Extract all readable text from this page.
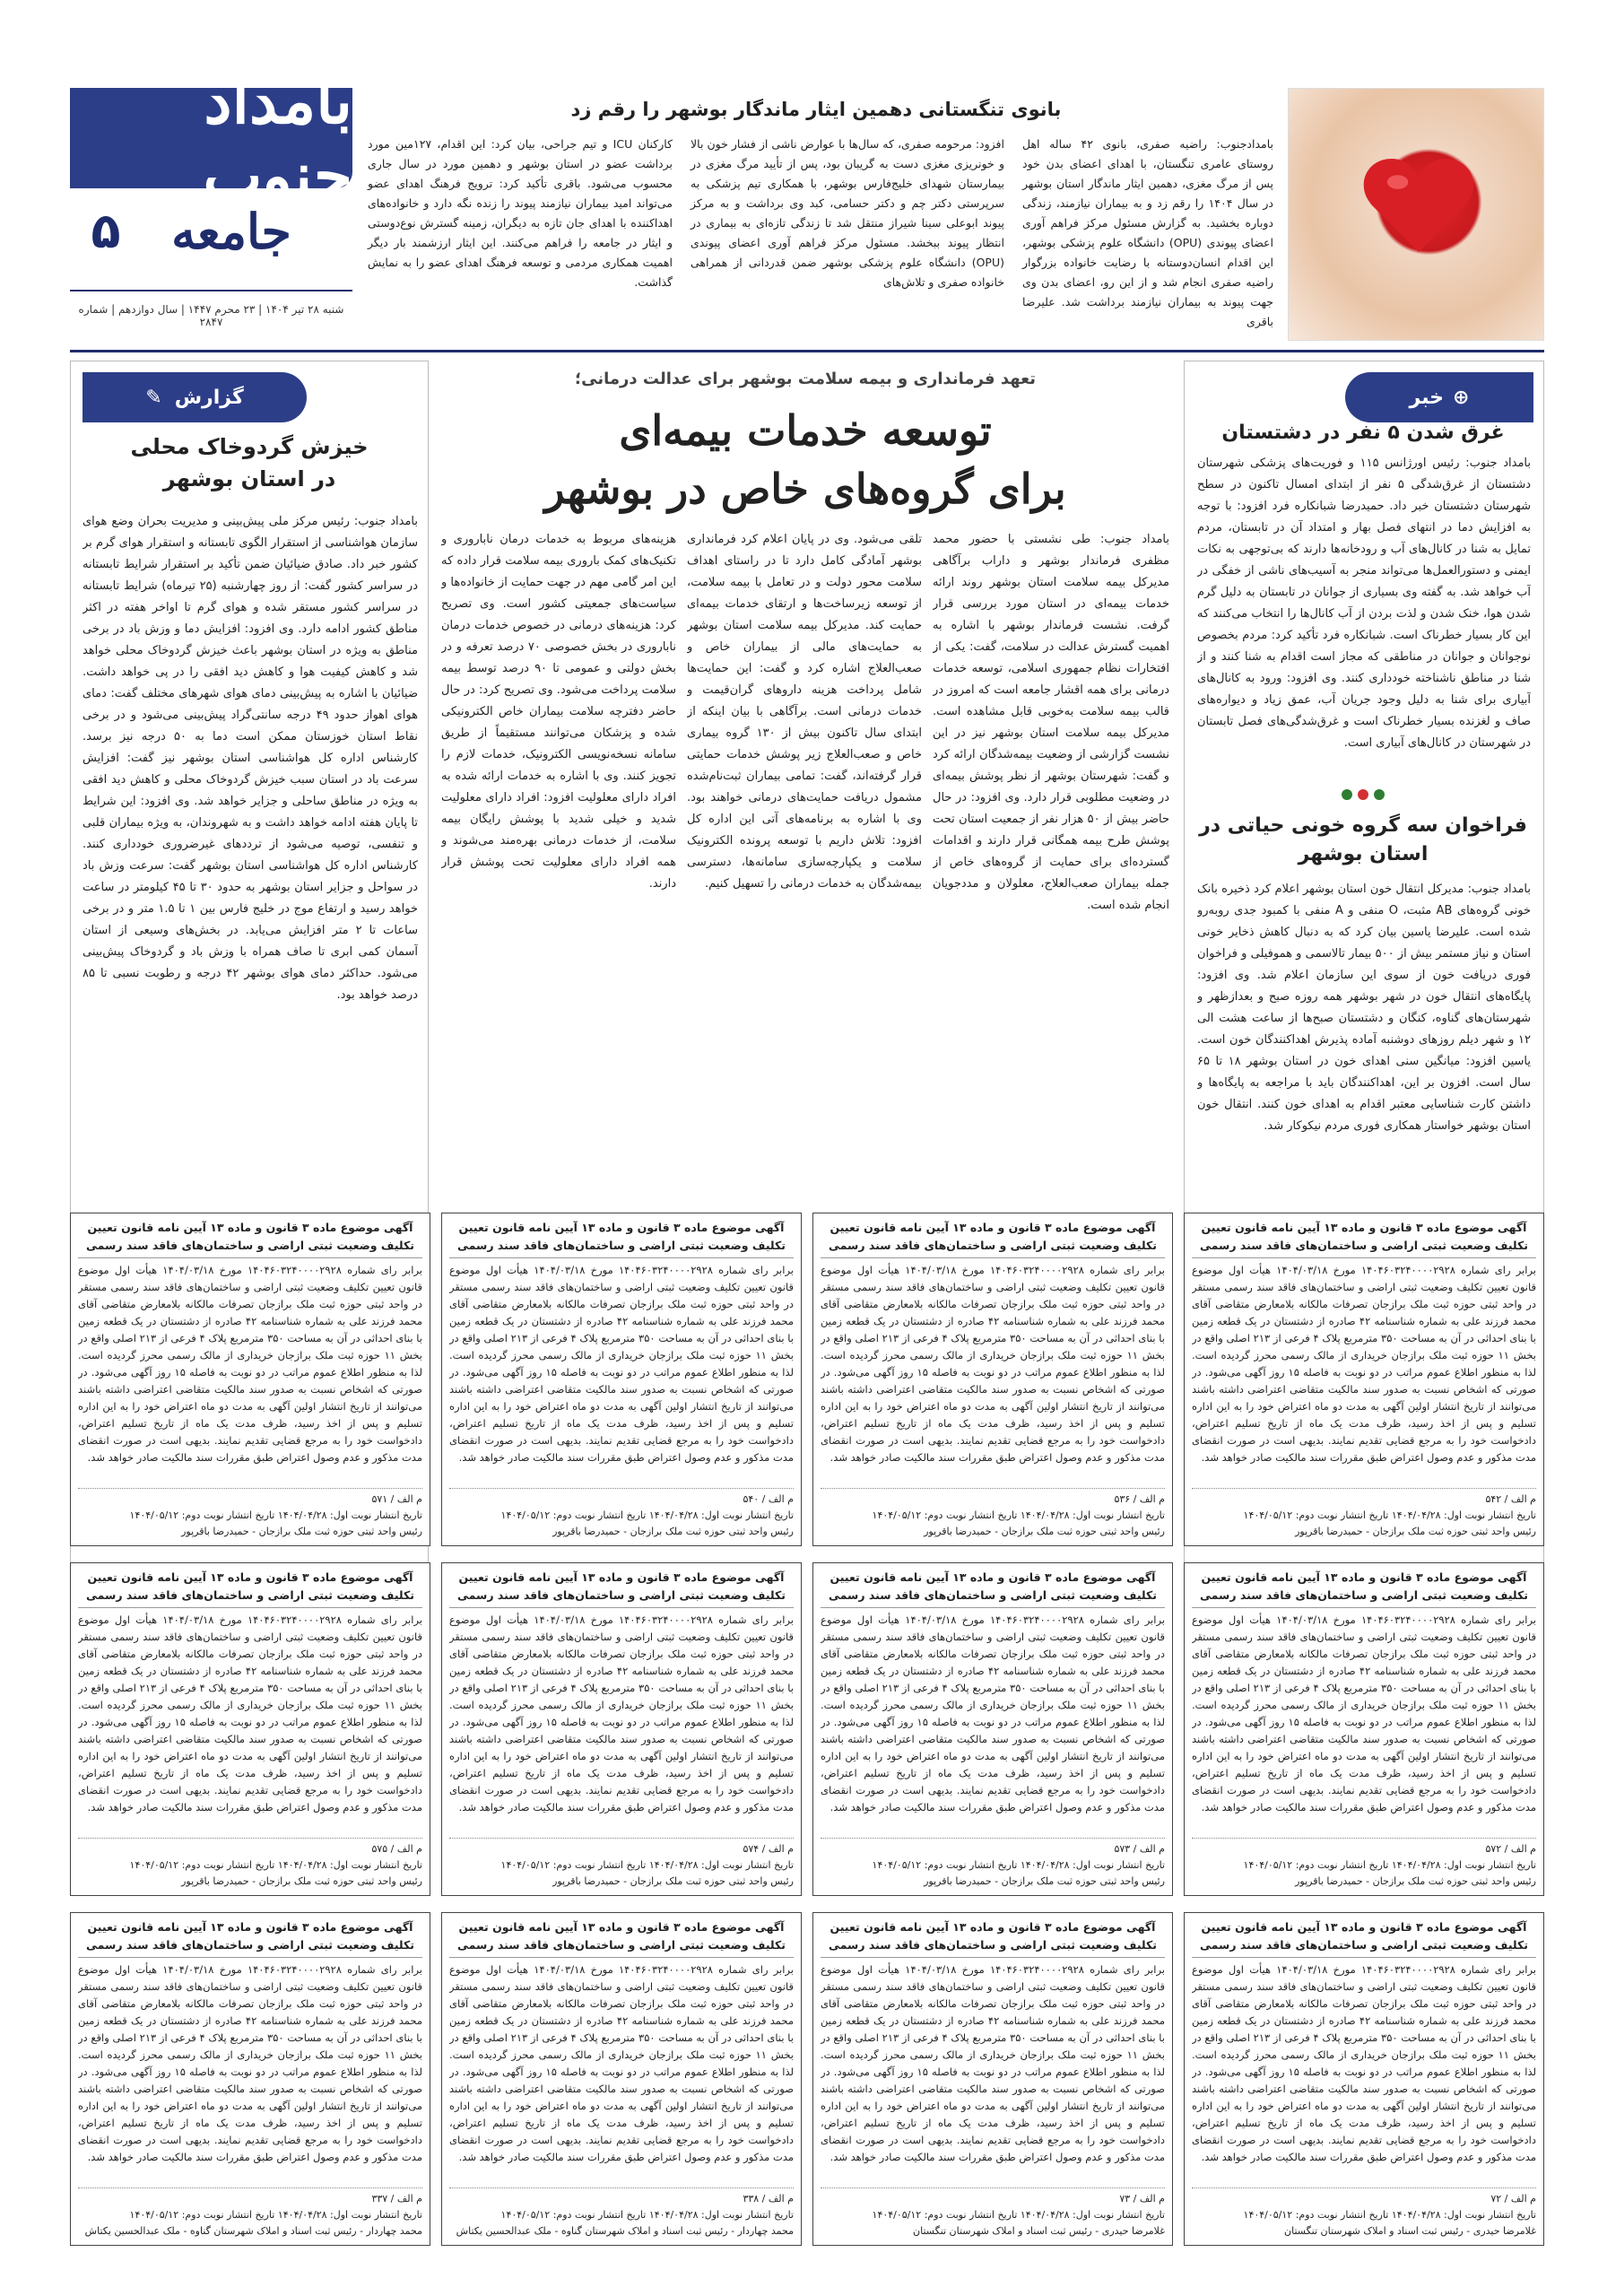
بامداد جنوب
جامعه
۵
شنبه ۲۸ تیر ۱۴۰۴ | ۲۳ محرم ۱۴۴۷ | سال دوازدهم | شماره ۲۸۴۷
بانوی تنگستانی دهمین ایثار ماندگار بوشهر را رقم زد

بامدادجنوب: راضیه صفری، بانوی ۴۲ ساله اهل روستای عامری تنگستان، با اهدای اعضای بدن خود پس از مرگ مغزی، دهمین ایثار ماندگار استان بوشهر در سال ۱۴۰۴ را رقم زد و به بیماران نیازمند، زندگی دوباره بخشید. به گزارش مسئول مرکز فراهم آوری اعضای پیوندی (OPU) دانشگاه علوم پزشکی بوشهر، این اقدام انسان‌دوستانه با رضایت خانواده بزرگوار راضیه صفری انجام شد و از این رو، اعضای بدن وی جهت پیوند به بیماران نیازمند برداشت شد. علیرضا باقری

افزود: مرحومه صفری، که سال‌ها با عوارض ناشی از فشار خون بالا و خونریزی مغزی دست به گریبان بود، پس از تأیید مرگ مغزی در بیمارستان شهدای خلیج‌فارس بوشهر، با همکاری تیم پزشکی به سرپرستی دکتر چم و دکتر حسامی، کبد وی برداشت و به مرکز پیوند ابوعلی سینا شیراز منتقل شد تا زندگی تازه‌ای به بیماری در انتظار پیوند ببخشد. مسئول مرکز فراهم آوری اعضای پیوندی (OPU) دانشگاه علوم پزشکی بوشهر ضمن قدردانی از همراهی خانواده صفری و تلاش‌های

کارکنان ICU و تیم جراحی، بیان کرد: این اقدام، ۱۲۷مین مورد برداشت عضو در استان بوشهر و دهمین مورد در سال جاری محسوب می‌شود. باقری تأکید کرد: ترویج فرهنگ اهدای عضو می‌تواند امید بیماران نیازمند پیوند را زنده نگه دارد و خانواده‌های اهداکننده با اهدای جان تازه به دیگران، زمینه گسترش نوع‌دوستی و ایثار در جامعه را فراهم می‌کنند. این ایثار ارزشمند بار دیگر اهمیت همکاری مردمی و توسعه فرهنگ اهدای عضو را به نمایش گذاشت.

⊕
خبر
غرق شدن ۵ نفر در دشتستان

بامداد جنوب: رئیس اورژانس ۱۱۵ و فوریت‌های پزشکی شهرستان دشتستان از غرق‌شدگی ۵ نفر از ابتدای امسال تاکنون در سطح شهرستان دشتستان خبر داد. حمیدرضا شبانکاره فرد افزود: با توجه به افزایش دما در انتهای فصل بهار و امتداد آن در تابستان، مردم تمایل به شنا در کانال‌های آب و رودخانه‌ها دارند که بی‌توجهی به نکات ایمنی و دستورالعمل‌ها می‌تواند منجر به آسیب‌های ناشی از خفگی در آب خواهد شد. به گفته وی بسیاری از جوانان در تابستان به دلیل گرم شدن هوا، خنک شدن و لذت بردن از آب کانال‌ها را انتخاب می‌کنند که این کار بسیار خطرناک است. شبانکاره فرد تأکید کرد: مردم بخصوص نوجوانان و جوانان در مناطقی که مجاز است اقدام به شنا کنند و از شنا در مناطق ناشناخته خودداری کنند. وی افزود: ورود به کانال‌های آبیاری برای شنا به دلیل وجود جریان آب، عمق زیاد و دیواره‌های صاف و لغزنده بسیار خطرناک است و غرق‌شدگی‌های فصل تابستان در شهرستان در کانال‌های آبیاری است.

فراخوان سه گروه خونی حیاتی در استان بوشهر

بامداد جنوب: مدیرکل انتقال خون استان بوشهر اعلام کرد ذخیره بانک خونی گروه‌های AB مثبت، O منفی و A منفی با کمبود جدی روبه‌رو شده است. علیرضا یاسین بیان کرد که به دنبال کاهش ذخایر خونی استان و نیاز مستمر بیش از ۵۰۰ بیمار تالاسمی و هموفیلی و فراخوان فوری دریافت خون از سوی این سازمان اعلام شد. وی افزود: پایگاه‌های انتقال خون در شهر بوشهر همه روزه صبح و بعدازظهر و شهرستان‌های گناوه، کنگان و دشتستان صبح‌ها از ساعت هشت الی ۱۲ و شهر دیلم روزهای دوشنبه آماده پذیرش اهداکنندگان خون است. یاسین افزود: میانگین سنی اهدای خون در استان بوشهر ۱۸ تا ۶۵ سال است. افزون بر این، اهداکنندگان باید با مراجعه به پایگاه‌ها و داشتن کارت شناسایی معتبر اقدام به اهدای خون کنند. انتقال خون استان بوشهر خواستار همکاری فوری مردم نیکوکار شد.

گزارش
✎
خیزش گردوخاک محلی
در استان بوشهر

بامداد جنوب: رئیس مرکز ملی پیش‌بینی و مدیریت بحران وضع هوای سازمان هواشناسی از استقرار الگوی تابستانه و استقرار هوای گرم بر کشور خبر داد. صادق ضیائیان ضمن تأکید بر استقرار شرایط تابستانه در سراسر کشور گفت: از روز چهارشنبه (۲۵ تیرماه) شرایط تابستانه در سراسر کشور مستقر شده و هوای گرم تا اواخر هفته در اکثر مناطق کشور ادامه دارد. وی افزود: افزایش دما و وزش باد در برخی مناطق به ویژه در استان بوشهر باعث خیزش گردوخاک محلی خواهد شد و کاهش کیفیت هوا و کاهش دید افقی را در پی خواهد داشت. ضیائیان با اشاره به پیش‌بینی دمای هوای شهرهای مختلف گفت: دمای هوای اهواز حدود ۴۹ درجه سانتی‌گراد پیش‌بینی می‌شود و در برخی نقاط استان خوزستان ممکن است دما به ۵۰ درجه نیز برسد. کارشناس اداره کل هواشناسی استان بوشهر نیز گفت: افزایش سرعت باد در استان سبب خیزش گردوخاک محلی و کاهش دید افقی به ویژه در مناطق ساحلی و جزایر خواهد شد. وی افزود: این شرایط تا پایان هفته ادامه خواهد داشت و به شهروندان، به ویژه بیماران قلبی و تنفسی، توصیه می‌شود از ترددهای غیرضروری خودداری کنند. کارشناس اداره کل هواشناسی استان بوشهر گفت: سرعت وزش باد در سواحل و جزایر استان بوشهر به حدود ۳۰ تا ۴۵ کیلومتر در ساعت خواهد رسید و ارتفاع موج در خلیج فارس بین ۱ تا ۱.۵ متر و در برخی ساعات تا ۲ متر افزایش می‌یابد. در بخش‌های وسیعی از استان آسمان کمی ابری تا صاف همراه با وزش باد و گردوخاک پیش‌بینی می‌شود. حداکثر دمای هوای بوشهر ۴۲ درجه و رطوبت نسبی تا ۸۵ درصد خواهد بود.

تعهد فرمانداری و بیمه سلامت بوشهر برای عدالت درمانی؛
توسعه خدمات بیمه‌ای
برای گروه‌های خاص در بوشهر

بامداد جنوب: طی نشستی با حضور محمد مظفری فرماندار بوشهر و داراب برآگاهی مدیرکل بیمه سلامت استان بوشهر روند ارائه خدمات بیمه‌ای در استان مورد بررسی قرار گرفت. نشست فرماندار بوشهر با اشاره به اهمیت گسترش عدالت در سلامت، گفت: یکی از افتخارات نظام جمهوری اسلامی، توسعه خدمات درمانی برای همه اقشار جامعه است که امروز در قالب بیمه سلامت به‌خوبی قابل مشاهده است. مدیرکل بیمه سلامت استان بوشهر نیز در این نشست گزارشی از وضعیت بیمه‌شدگان ارائه کرد و گفت: شهرستان بوشهر از نظر پوشش بیمه‌ای در وضعیت مطلوبی قرار دارد. وی افزود: در حال حاضر بیش از ۵۰ هزار نفر از جمعیت استان تحت پوشش طرح بیمه همگانی قرار دارند و اقدامات گسترده‌ای برای حمایت از گروه‌های خاص از جمله بیماران صعب‌العلاج، معلولان و مددجویان انجام شده است.

تلقی می‌شود. وی در پایان اعلام کرد فرمانداری بوشهر آمادگی کامل دارد تا در راستای اهداف سلامت محور دولت و در تعامل با بیمه سلامت، از توسعه زیرساخت‌ها و ارتقای خدمات بیمه‌ای حمایت کند. مدیرکل بیمه سلامت استان بوشهر به حمایت‌های مالی از بیماران خاص و صعب‌العلاج اشاره کرد و گفت: این حمایت‌ها شامل پرداخت هزینه داروهای گران‌قیمت و خدمات درمانی است. برآگاهی با بیان اینکه از ابتدای سال تاکنون بیش از ۱۳۰ گروه بیماری خاص و صعب‌العلاج زیر پوشش خدمات حمایتی قرار گرفته‌اند، گفت: تمامی بیماران ثبت‌نام‌شده مشمول دریافت حمایت‌های درمانی خواهند بود. وی با اشاره به برنامه‌های آتی این اداره کل افزود: تلاش داریم با توسعه پرونده الکترونیک سلامت و یکپارچه‌سازی سامانه‌ها، دسترسی بیمه‌شدگان به خدمات درمانی را تسهیل کنیم.

هزینه‌های مربوط به خدمات درمان ناباروری و تکنیک‌های کمک باروری بیمه سلامت قرار داده که این امر گامی مهم در جهت حمایت از خانواده‌ها و سیاست‌های جمعیتی کشور است. وی تصریح کرد: هزینه‌های درمانی در خصوص خدمات درمان ناباروری در بخش خصوصی ۷۰ درصد تعرفه و در بخش دولتی و عمومی تا ۹۰ درصد توسط بیمه سلامت پرداخت می‌شود. وی تصریح کرد: در حال حاضر دفترچه سلامت بیماران خاص الکترونیکی شده و پزشکان می‌توانند مستقیماً از طریق سامانه نسخه‌نویسی الکترونیک، خدمات لازم را تجویز کنند. وی با اشاره به خدمات ارائه شده به افراد دارای معلولیت افزود: افراد دارای معلولیت شدید و خیلی شدید با پوشش رایگان بیمه سلامت، از خدمات درمانی بهره‌مند می‌شوند و همه افراد دارای معلولیت تحت پوشش قرار دارند.

آگهی موضوع ماده ۳ قانون و ماده ۱۳ آیین نامه قانون تعیین تکلیف وضعیت ثبتی اراضی و ساختمان‌های فاقد سند رسمی
برابر رای شماره ۱۴۰۴۶۰۳۲۴۰۰۰۰۲۹۲۸ مورخ ۱۴۰۴/۰۳/۱۸ هیأت اول موضوع قانون تعیین تکلیف وضعیت ثبتی اراضی و ساختمان‌های فاقد سند رسمی مستقر در واحد ثبتی حوزه ثبت ملک برازجان تصرفات مالکانه بلامعارض متقاضی آقای محمد فرزند علی به شماره شناسنامه ۴۲ صادره از دشتستان در یک قطعه زمین با بنای احداثی در آن به مساحت ۳۵۰ مترمربع پلاک ۴ فرعی از ۲۱۳ اصلی واقع در بخش ۱۱ حوزه ثبت ملک برازجان خریداری از مالک رسمی محرز گردیده است. لذا به منظور اطلاع عموم مراتب در دو نوبت به فاصله ۱۵ روز آگهی می‌شود. در صورتی که اشخاص نسبت به صدور سند مالکیت متقاضی اعتراضی داشته باشند می‌توانند از تاریخ انتشار اولین آگهی به مدت دو ماه اعتراض خود را به این اداره تسلیم و پس از اخذ رسید، ظرف مدت یک ماه از تاریخ تسلیم اعتراض، دادخواست خود را به مرجع قضایی تقدیم نمایند. بدیهی است در صورت انقضای مدت مذکور و عدم وصول اعتراض طبق مقررات سند مالکیت صادر خواهد شد.
م الف / ۵۴۲
تاریخ انتشار نوبت اول: ۱۴۰۴/۰۴/۲۸ تاریخ انتشار نوبت دوم: ۱۴۰۴/۰۵/۱۲
رئیس واحد ثبتی حوزه ثبت ملک برازجان - حمیدرضا باقرپور
آگهی موضوع ماده ۳ قانون و ماده ۱۳ آیین نامه قانون تعیین تکلیف وضعیت ثبتی اراضی و ساختمان‌های فاقد سند رسمی
برابر رای شماره ۱۴۰۴۶۰۳۲۴۰۰۰۰۲۹۲۸ مورخ ۱۴۰۴/۰۳/۱۸ هیأت اول موضوع قانون تعیین تکلیف وضعیت ثبتی اراضی و ساختمان‌های فاقد سند رسمی مستقر در واحد ثبتی حوزه ثبت ملک برازجان تصرفات مالکانه بلامعارض متقاضی آقای محمد فرزند علی به شماره شناسنامه ۴۲ صادره از دشتستان در یک قطعه زمین با بنای احداثی در آن به مساحت ۳۵۰ مترمربع پلاک ۴ فرعی از ۲۱۳ اصلی واقع در بخش ۱۱ حوزه ثبت ملک برازجان خریداری از مالک رسمی محرز گردیده است. لذا به منظور اطلاع عموم مراتب در دو نوبت به فاصله ۱۵ روز آگهی می‌شود. در صورتی که اشخاص نسبت به صدور سند مالکیت متقاضی اعتراضی داشته باشند می‌توانند از تاریخ انتشار اولین آگهی به مدت دو ماه اعتراض خود را به این اداره تسلیم و پس از اخذ رسید، ظرف مدت یک ماه از تاریخ تسلیم اعتراض، دادخواست خود را به مرجع قضایی تقدیم نمایند. بدیهی است در صورت انقضای مدت مذکور و عدم وصول اعتراض طبق مقررات سند مالکیت صادر خواهد شد.
م الف / ۵۳۶
تاریخ انتشار نوبت اول: ۱۴۰۴/۰۴/۲۸ تاریخ انتشار نوبت دوم: ۱۴۰۴/۰۵/۱۲
رئیس واحد ثبتی حوزه ثبت ملک برازجان - حمیدرضا باقرپور
آگهی موضوع ماده ۳ قانون و ماده ۱۳ آیین نامه قانون تعیین تکلیف وضعیت ثبتی اراضی و ساختمان‌های فاقد سند رسمی
برابر رای شماره ۱۴۰۴۶۰۳۲۴۰۰۰۰۲۹۲۸ مورخ ۱۴۰۴/۰۳/۱۸ هیأت اول موضوع قانون تعیین تکلیف وضعیت ثبتی اراضی و ساختمان‌های فاقد سند رسمی مستقر در واحد ثبتی حوزه ثبت ملک برازجان تصرفات مالکانه بلامعارض متقاضی آقای محمد فرزند علی به شماره شناسنامه ۴۲ صادره از دشتستان در یک قطعه زمین با بنای احداثی در آن به مساحت ۳۵۰ مترمربع پلاک ۴ فرعی از ۲۱۳ اصلی واقع در بخش ۱۱ حوزه ثبت ملک برازجان خریداری از مالک رسمی محرز گردیده است. لذا به منظور اطلاع عموم مراتب در دو نوبت به فاصله ۱۵ روز آگهی می‌شود. در صورتی که اشخاص نسبت به صدور سند مالکیت متقاضی اعتراضی داشته باشند می‌توانند از تاریخ انتشار اولین آگهی به مدت دو ماه اعتراض خود را به این اداره تسلیم و پس از اخذ رسید، ظرف مدت یک ماه از تاریخ تسلیم اعتراض، دادخواست خود را به مرجع قضایی تقدیم نمایند. بدیهی است در صورت انقضای مدت مذکور و عدم وصول اعتراض طبق مقررات سند مالکیت صادر خواهد شد.
م الف / ۵۴۰
تاریخ انتشار نوبت اول: ۱۴۰۴/۰۴/۲۸ تاریخ انتشار نوبت دوم: ۱۴۰۴/۰۵/۱۲
رئیس واحد ثبتی حوزه ثبت ملک برازجان - حمیدرضا باقرپور
آگهی موضوع ماده ۳ قانون و ماده ۱۳ آیین نامه قانون تعیین تکلیف وضعیت ثبتی اراضی و ساختمان‌های فاقد سند رسمی
برابر رای شماره ۱۴۰۴۶۰۳۲۴۰۰۰۰۲۹۲۸ مورخ ۱۴۰۴/۰۳/۱۸ هیأت اول موضوع قانون تعیین تکلیف وضعیت ثبتی اراضی و ساختمان‌های فاقد سند رسمی مستقر در واحد ثبتی حوزه ثبت ملک برازجان تصرفات مالکانه بلامعارض متقاضی آقای محمد فرزند علی به شماره شناسنامه ۴۲ صادره از دشتستان در یک قطعه زمین با بنای احداثی در آن به مساحت ۳۵۰ مترمربع پلاک ۴ فرعی از ۲۱۳ اصلی واقع در بخش ۱۱ حوزه ثبت ملک برازجان خریداری از مالک رسمی محرز گردیده است. لذا به منظور اطلاع عموم مراتب در دو نوبت به فاصله ۱۵ روز آگهی می‌شود. در صورتی که اشخاص نسبت به صدور سند مالکیت متقاضی اعتراضی داشته باشند می‌توانند از تاریخ انتشار اولین آگهی به مدت دو ماه اعتراض خود را به این اداره تسلیم و پس از اخذ رسید، ظرف مدت یک ماه از تاریخ تسلیم اعتراض، دادخواست خود را به مرجع قضایی تقدیم نمایند. بدیهی است در صورت انقضای مدت مذکور و عدم وصول اعتراض طبق مقررات سند مالکیت صادر خواهد شد.
م الف / ۵۷۱
تاریخ انتشار نوبت اول: ۱۴۰۴/۰۴/۲۸ تاریخ انتشار نوبت دوم: ۱۴۰۴/۰۵/۱۲
رئیس واحد ثبتی حوزه ثبت ملک برازجان - حمیدرضا باقرپور
آگهی موضوع ماده ۳ قانون و ماده ۱۳ آیین نامه قانون تعیین تکلیف وضعیت ثبتی اراضی و ساختمان‌های فاقد سند رسمی
برابر رای شماره ۱۴۰۴۶۰۳۲۴۰۰۰۰۲۹۲۸ مورخ ۱۴۰۴/۰۳/۱۸ هیأت اول موضوع قانون تعیین تکلیف وضعیت ثبتی اراضی و ساختمان‌های فاقد سند رسمی مستقر در واحد ثبتی حوزه ثبت ملک برازجان تصرفات مالکانه بلامعارض متقاضی آقای محمد فرزند علی به شماره شناسنامه ۴۲ صادره از دشتستان در یک قطعه زمین با بنای احداثی در آن به مساحت ۳۵۰ مترمربع پلاک ۴ فرعی از ۲۱۳ اصلی واقع در بخش ۱۱ حوزه ثبت ملک برازجان خریداری از مالک رسمی محرز گردیده است. لذا به منظور اطلاع عموم مراتب در دو نوبت به فاصله ۱۵ روز آگهی می‌شود. در صورتی که اشخاص نسبت به صدور سند مالکیت متقاضی اعتراضی داشته باشند می‌توانند از تاریخ انتشار اولین آگهی به مدت دو ماه اعتراض خود را به این اداره تسلیم و پس از اخذ رسید، ظرف مدت یک ماه از تاریخ تسلیم اعتراض، دادخواست خود را به مرجع قضایی تقدیم نمایند. بدیهی است در صورت انقضای مدت مذکور و عدم وصول اعتراض طبق مقررات سند مالکیت صادر خواهد شد.
م الف / ۵۷۲
تاریخ انتشار نوبت اول: ۱۴۰۴/۰۴/۲۸ تاریخ انتشار نوبت دوم: ۱۴۰۴/۰۵/۱۲
رئیس واحد ثبتی حوزه ثبت ملک برازجان - حمیدرضا باقرپور
آگهی موضوع ماده ۳ قانون و ماده ۱۳ آیین نامه قانون تعیین تکلیف وضعیت ثبتی اراضی و ساختمان‌های فاقد سند رسمی
برابر رای شماره ۱۴۰۴۶۰۳۲۴۰۰۰۰۲۹۲۸ مورخ ۱۴۰۴/۰۳/۱۸ هیأت اول موضوع قانون تعیین تکلیف وضعیت ثبتی اراضی و ساختمان‌های فاقد سند رسمی مستقر در واحد ثبتی حوزه ثبت ملک برازجان تصرفات مالکانه بلامعارض متقاضی آقای محمد فرزند علی به شماره شناسنامه ۴۲ صادره از دشتستان در یک قطعه زمین با بنای احداثی در آن به مساحت ۳۵۰ مترمربع پلاک ۴ فرعی از ۲۱۳ اصلی واقع در بخش ۱۱ حوزه ثبت ملک برازجان خریداری از مالک رسمی محرز گردیده است. لذا به منظور اطلاع عموم مراتب در دو نوبت به فاصله ۱۵ روز آگهی می‌شود. در صورتی که اشخاص نسبت به صدور سند مالکیت متقاضی اعتراضی داشته باشند می‌توانند از تاریخ انتشار اولین آگهی به مدت دو ماه اعتراض خود را به این اداره تسلیم و پس از اخذ رسید، ظرف مدت یک ماه از تاریخ تسلیم اعتراض، دادخواست خود را به مرجع قضایی تقدیم نمایند. بدیهی است در صورت انقضای مدت مذکور و عدم وصول اعتراض طبق مقررات سند مالکیت صادر خواهد شد.
م الف / ۵۷۳
تاریخ انتشار نوبت اول: ۱۴۰۴/۰۴/۲۸ تاریخ انتشار نوبت دوم: ۱۴۰۴/۰۵/۱۲
رئیس واحد ثبتی حوزه ثبت ملک برازجان - حمیدرضا باقرپور
آگهی موضوع ماده ۳ قانون و ماده ۱۳ آیین نامه قانون تعیین تکلیف وضعیت ثبتی اراضی و ساختمان‌های فاقد سند رسمی
برابر رای شماره ۱۴۰۴۶۰۳۲۴۰۰۰۰۲۹۲۸ مورخ ۱۴۰۴/۰۳/۱۸ هیأت اول موضوع قانون تعیین تکلیف وضعیت ثبتی اراضی و ساختمان‌های فاقد سند رسمی مستقر در واحد ثبتی حوزه ثبت ملک برازجان تصرفات مالکانه بلامعارض متقاضی آقای محمد فرزند علی به شماره شناسنامه ۴۲ صادره از دشتستان در یک قطعه زمین با بنای احداثی در آن به مساحت ۳۵۰ مترمربع پلاک ۴ فرعی از ۲۱۳ اصلی واقع در بخش ۱۱ حوزه ثبت ملک برازجان خریداری از مالک رسمی محرز گردیده است. لذا به منظور اطلاع عموم مراتب در دو نوبت به فاصله ۱۵ روز آگهی می‌شود. در صورتی که اشخاص نسبت به صدور سند مالکیت متقاضی اعتراضی داشته باشند می‌توانند از تاریخ انتشار اولین آگهی به مدت دو ماه اعتراض خود را به این اداره تسلیم و پس از اخذ رسید، ظرف مدت یک ماه از تاریخ تسلیم اعتراض، دادخواست خود را به مرجع قضایی تقدیم نمایند. بدیهی است در صورت انقضای مدت مذکور و عدم وصول اعتراض طبق مقررات سند مالکیت صادر خواهد شد.
م الف / ۵۷۴
تاریخ انتشار نوبت اول: ۱۴۰۴/۰۴/۲۸ تاریخ انتشار نوبت دوم: ۱۴۰۴/۰۵/۱۲
رئیس واحد ثبتی حوزه ثبت ملک برازجان - حمیدرضا باقرپور
آگهی موضوع ماده ۳ قانون و ماده ۱۳ آیین نامه قانون تعیین تکلیف وضعیت ثبتی اراضی و ساختمان‌های فاقد سند رسمی
برابر رای شماره ۱۴۰۴۶۰۳۲۴۰۰۰۰۲۹۲۸ مورخ ۱۴۰۴/۰۳/۱۸ هیأت اول موضوع قانون تعیین تکلیف وضعیت ثبتی اراضی و ساختمان‌های فاقد سند رسمی مستقر در واحد ثبتی حوزه ثبت ملک برازجان تصرفات مالکانه بلامعارض متقاضی آقای محمد فرزند علی به شماره شناسنامه ۴۲ صادره از دشتستان در یک قطعه زمین با بنای احداثی در آن به مساحت ۳۵۰ مترمربع پلاک ۴ فرعی از ۲۱۳ اصلی واقع در بخش ۱۱ حوزه ثبت ملک برازجان خریداری از مالک رسمی محرز گردیده است. لذا به منظور اطلاع عموم مراتب در دو نوبت به فاصله ۱۵ روز آگهی می‌شود. در صورتی که اشخاص نسبت به صدور سند مالکیت متقاضی اعتراضی داشته باشند می‌توانند از تاریخ انتشار اولین آگهی به مدت دو ماه اعتراض خود را به این اداره تسلیم و پس از اخذ رسید، ظرف مدت یک ماه از تاریخ تسلیم اعتراض، دادخواست خود را به مرجع قضایی تقدیم نمایند. بدیهی است در صورت انقضای مدت مذکور و عدم وصول اعتراض طبق مقررات سند مالکیت صادر خواهد شد.
م الف / ۵۷۵
تاریخ انتشار نوبت اول: ۱۴۰۴/۰۴/۲۸ تاریخ انتشار نوبت دوم: ۱۴۰۴/۰۵/۱۲
رئیس واحد ثبتی حوزه ثبت ملک برازجان - حمیدرضا باقرپور
آگهی موضوع ماده ۳ قانون و ماده ۱۳ آیین نامه قانون تعیین تکلیف وضعیت ثبتی اراضی و ساختمان‌های فاقد سند رسمی
برابر رای شماره ۱۴۰۴۶۰۳۲۴۰۰۰۰۲۹۲۸ مورخ ۱۴۰۴/۰۳/۱۸ هیأت اول موضوع قانون تعیین تکلیف وضعیت ثبتی اراضی و ساختمان‌های فاقد سند رسمی مستقر در واحد ثبتی حوزه ثبت ملک برازجان تصرفات مالکانه بلامعارض متقاضی آقای محمد فرزند علی به شماره شناسنامه ۴۲ صادره از دشتستان در یک قطعه زمین با بنای احداثی در آن به مساحت ۳۵۰ مترمربع پلاک ۴ فرعی از ۲۱۳ اصلی واقع در بخش ۱۱ حوزه ثبت ملک برازجان خریداری از مالک رسمی محرز گردیده است. لذا به منظور اطلاع عموم مراتب در دو نوبت به فاصله ۱۵ روز آگهی می‌شود. در صورتی که اشخاص نسبت به صدور سند مالکیت متقاضی اعتراضی داشته باشند می‌توانند از تاریخ انتشار اولین آگهی به مدت دو ماه اعتراض خود را به این اداره تسلیم و پس از اخذ رسید، ظرف مدت یک ماه از تاریخ تسلیم اعتراض، دادخواست خود را به مرجع قضایی تقدیم نمایند. بدیهی است در صورت انقضای مدت مذکور و عدم وصول اعتراض طبق مقررات سند مالکیت صادر خواهد شد.
م الف / ۷۲
تاریخ انتشار نوبت اول: ۱۴۰۴/۰۴/۲۸ تاریخ انتشار نوبت دوم: ۱۴۰۴/۰۵/۱۲
غلامرضا حیدری - رئیس ثبت اسناد و املاک شهرستان تنگستان
آگهی موضوع ماده ۳ قانون و ماده ۱۳ آیین نامه قانون تعیین تکلیف وضعیت ثبتی اراضی و ساختمان‌های فاقد سند رسمی
برابر رای شماره ۱۴۰۴۶۰۳۲۴۰۰۰۰۲۹۲۸ مورخ ۱۴۰۴/۰۳/۱۸ هیأت اول موضوع قانون تعیین تکلیف وضعیت ثبتی اراضی و ساختمان‌های فاقد سند رسمی مستقر در واحد ثبتی حوزه ثبت ملک برازجان تصرفات مالکانه بلامعارض متقاضی آقای محمد فرزند علی به شماره شناسنامه ۴۲ صادره از دشتستان در یک قطعه زمین با بنای احداثی در آن به مساحت ۳۵۰ مترمربع پلاک ۴ فرعی از ۲۱۳ اصلی واقع در بخش ۱۱ حوزه ثبت ملک برازجان خریداری از مالک رسمی محرز گردیده است. لذا به منظور اطلاع عموم مراتب در دو نوبت به فاصله ۱۵ روز آگهی می‌شود. در صورتی که اشخاص نسبت به صدور سند مالکیت متقاضی اعتراضی داشته باشند می‌توانند از تاریخ انتشار اولین آگهی به مدت دو ماه اعتراض خود را به این اداره تسلیم و پس از اخذ رسید، ظرف مدت یک ماه از تاریخ تسلیم اعتراض، دادخواست خود را به مرجع قضایی تقدیم نمایند. بدیهی است در صورت انقضای مدت مذکور و عدم وصول اعتراض طبق مقررات سند مالکیت صادر خواهد شد.
م الف / ۷۳
تاریخ انتشار نوبت اول: ۱۴۰۴/۰۴/۲۸ تاریخ انتشار نوبت دوم: ۱۴۰۴/۰۵/۱۲
غلامرضا حیدری - رئیس ثبت اسناد و املاک شهرستان تنگستان
آگهی موضوع ماده ۳ قانون و ماده ۱۳ آیین نامه قانون تعیین تکلیف وضعیت ثبتی اراضی و ساختمان‌های فاقد سند رسمی
برابر رای شماره ۱۴۰۴۶۰۳۲۴۰۰۰۰۲۹۲۸ مورخ ۱۴۰۴/۰۳/۱۸ هیأت اول موضوع قانون تعیین تکلیف وضعیت ثبتی اراضی و ساختمان‌های فاقد سند رسمی مستقر در واحد ثبتی حوزه ثبت ملک برازجان تصرفات مالکانه بلامعارض متقاضی آقای محمد فرزند علی به شماره شناسنامه ۴۲ صادره از دشتستان در یک قطعه زمین با بنای احداثی در آن به مساحت ۳۵۰ مترمربع پلاک ۴ فرعی از ۲۱۳ اصلی واقع در بخش ۱۱ حوزه ثبت ملک برازجان خریداری از مالک رسمی محرز گردیده است. لذا به منظور اطلاع عموم مراتب در دو نوبت به فاصله ۱۵ روز آگهی می‌شود. در صورتی که اشخاص نسبت به صدور سند مالکیت متقاضی اعتراضی داشته باشند می‌توانند از تاریخ انتشار اولین آگهی به مدت دو ماه اعتراض خود را به این اداره تسلیم و پس از اخذ رسید، ظرف مدت یک ماه از تاریخ تسلیم اعتراض، دادخواست خود را به مرجع قضایی تقدیم نمایند. بدیهی است در صورت انقضای مدت مذکور و عدم وصول اعتراض طبق مقررات سند مالکیت صادر خواهد شد.
م الف / ۳۳۸
تاریخ انتشار نوبت اول: ۱۴۰۴/۰۴/۲۸ تاریخ انتشار نوبت دوم: ۱۴۰۴/۰۵/۱۲
محمد چهاردار - رئیس ثبت اسناد و املاک شهرستان گناوه - ملک عبدالحسین یکتاش
آگهی موضوع ماده ۳ قانون و ماده ۱۳ آیین نامه قانون تعیین تکلیف وضعیت ثبتی اراضی و ساختمان‌های فاقد سند رسمی
برابر رای شماره ۱۴۰۴۶۰۳۲۴۰۰۰۰۲۹۲۸ مورخ ۱۴۰۴/۰۳/۱۸ هیأت اول موضوع قانون تعیین تکلیف وضعیت ثبتی اراضی و ساختمان‌های فاقد سند رسمی مستقر در واحد ثبتی حوزه ثبت ملک برازجان تصرفات مالکانه بلامعارض متقاضی آقای محمد فرزند علی به شماره شناسنامه ۴۲ صادره از دشتستان در یک قطعه زمین با بنای احداثی در آن به مساحت ۳۵۰ مترمربع پلاک ۴ فرعی از ۲۱۳ اصلی واقع در بخش ۱۱ حوزه ثبت ملک برازجان خریداری از مالک رسمی محرز گردیده است. لذا به منظور اطلاع عموم مراتب در دو نوبت به فاصله ۱۵ روز آگهی می‌شود. در صورتی که اشخاص نسبت به صدور سند مالکیت متقاضی اعتراضی داشته باشند می‌توانند از تاریخ انتشار اولین آگهی به مدت دو ماه اعتراض خود را به این اداره تسلیم و پس از اخذ رسید، ظرف مدت یک ماه از تاریخ تسلیم اعتراض، دادخواست خود را به مرجع قضایی تقدیم نمایند. بدیهی است در صورت انقضای مدت مذکور و عدم وصول اعتراض طبق مقررات سند مالکیت صادر خواهد شد.
م الف / ۳۳۷
تاریخ انتشار نوبت اول: ۱۴۰۴/۰۴/۲۸ تاریخ انتشار نوبت دوم: ۱۴۰۴/۰۵/۱۲
محمد چهاردار - رئیس ثبت اسناد و املاک شهرستان گناوه - ملک عبدالحسین یکتاش
